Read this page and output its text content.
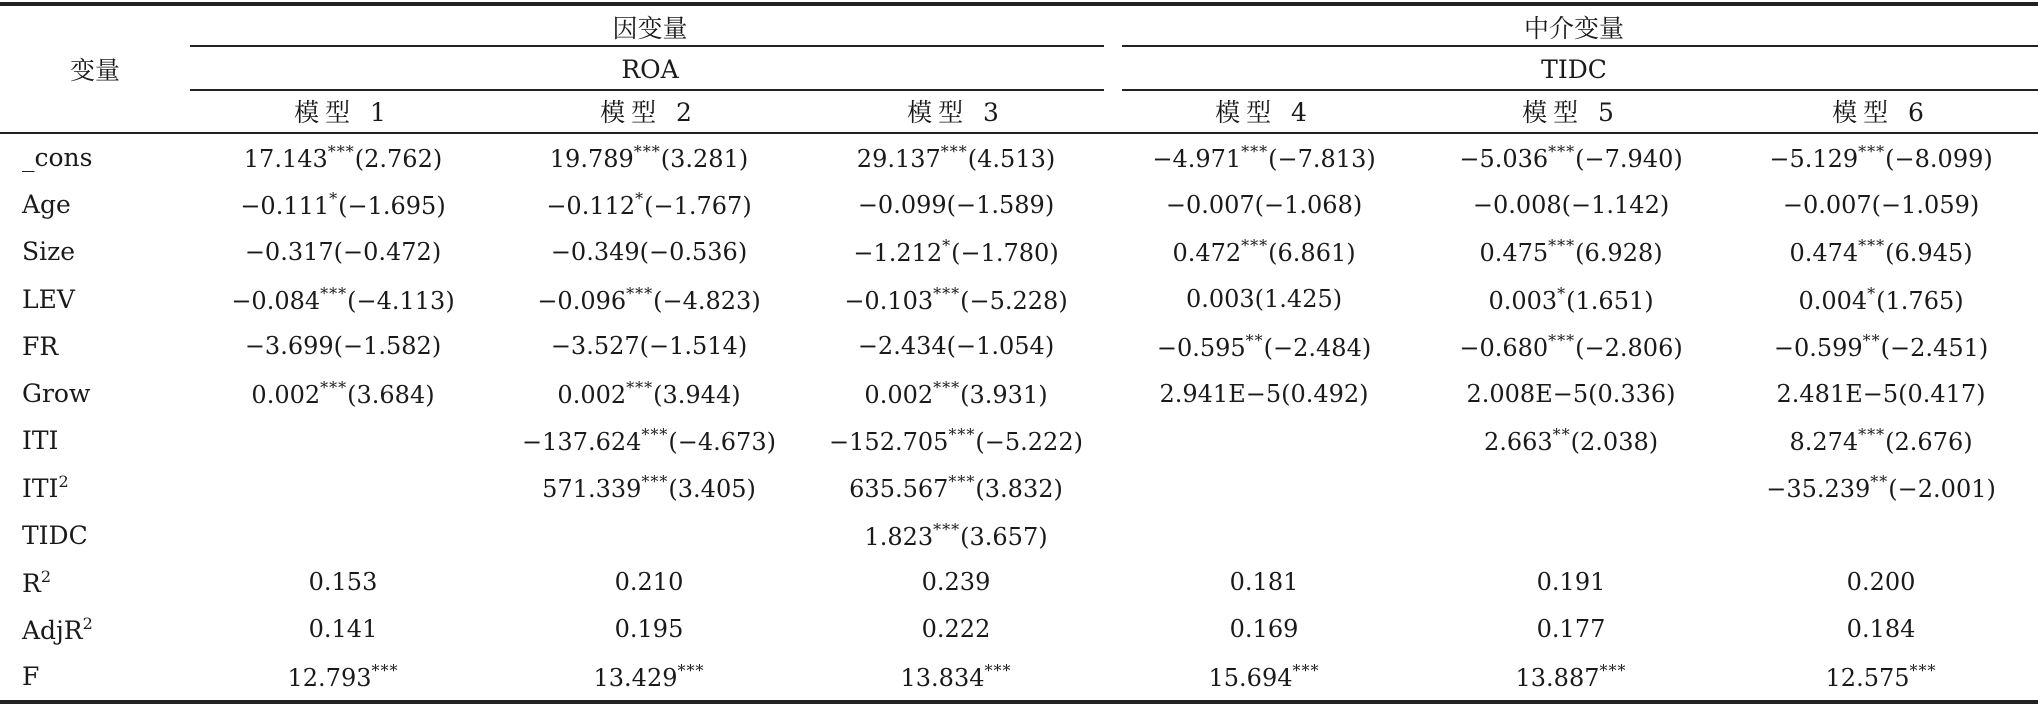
变量	因变量			中介变量		
	ROA			TIDC		
	模型 1	模型 2	模型 3	模型 4	模型 5	模型 6
_cons	17.143***(2.762)	19.789***(3.281)	29.137***(4.513)	−4.971***(−7.813)	−5.036***(−7.940)	−5.129***(−8.099)
Age	−0.111*(−1.695)	−0.112*(−1.767)	−0.099(−1.589)	−0.007(−1.068)	−0.008(−1.142)	−0.007(−1.059)
Size	−0.317(−0.472)	−0.349(−0.536)	−1.212*(−1.780)	0.472***(6.861)	0.475***(6.928)	0.474***(6.945)
LEV	−0.084***(−4.113)	−0.096***(−4.823)	−0.103***(−5.228)	0.003(1.425)	0.003*(1.651)	0.004*(1.765)
FR	−3.699(−1.582)	−3.527(−1.514)	−2.434(−1.054)	−0.595**(−2.484)	−0.680***(−2.806)	−0.599**(−2.451)
Grow	0.002***(3.684)	0.002***(3.944)	0.002***(3.931)	2.941E−5(0.492)	2.008E−5(0.336)	2.481E−5(0.417)
ITI		−137.624***(−4.673)	−152.705***(−5.222)		2.663**(2.038)	8.274***(2.676)
ITI$^2$		571.339***(3.405)	635.567***(3.832)			−35.239**(−2.001)
TIDC			1.823***(3.657)			
$R^2$	0.153	0.210	0.239	0.181	0.191	0.200
AdjR$^2$	0.141	0.195	0.222	0.169	0.177	0.184
F	12.793***	13.429***	13.834***	15.694***	13.887***	12.575***
